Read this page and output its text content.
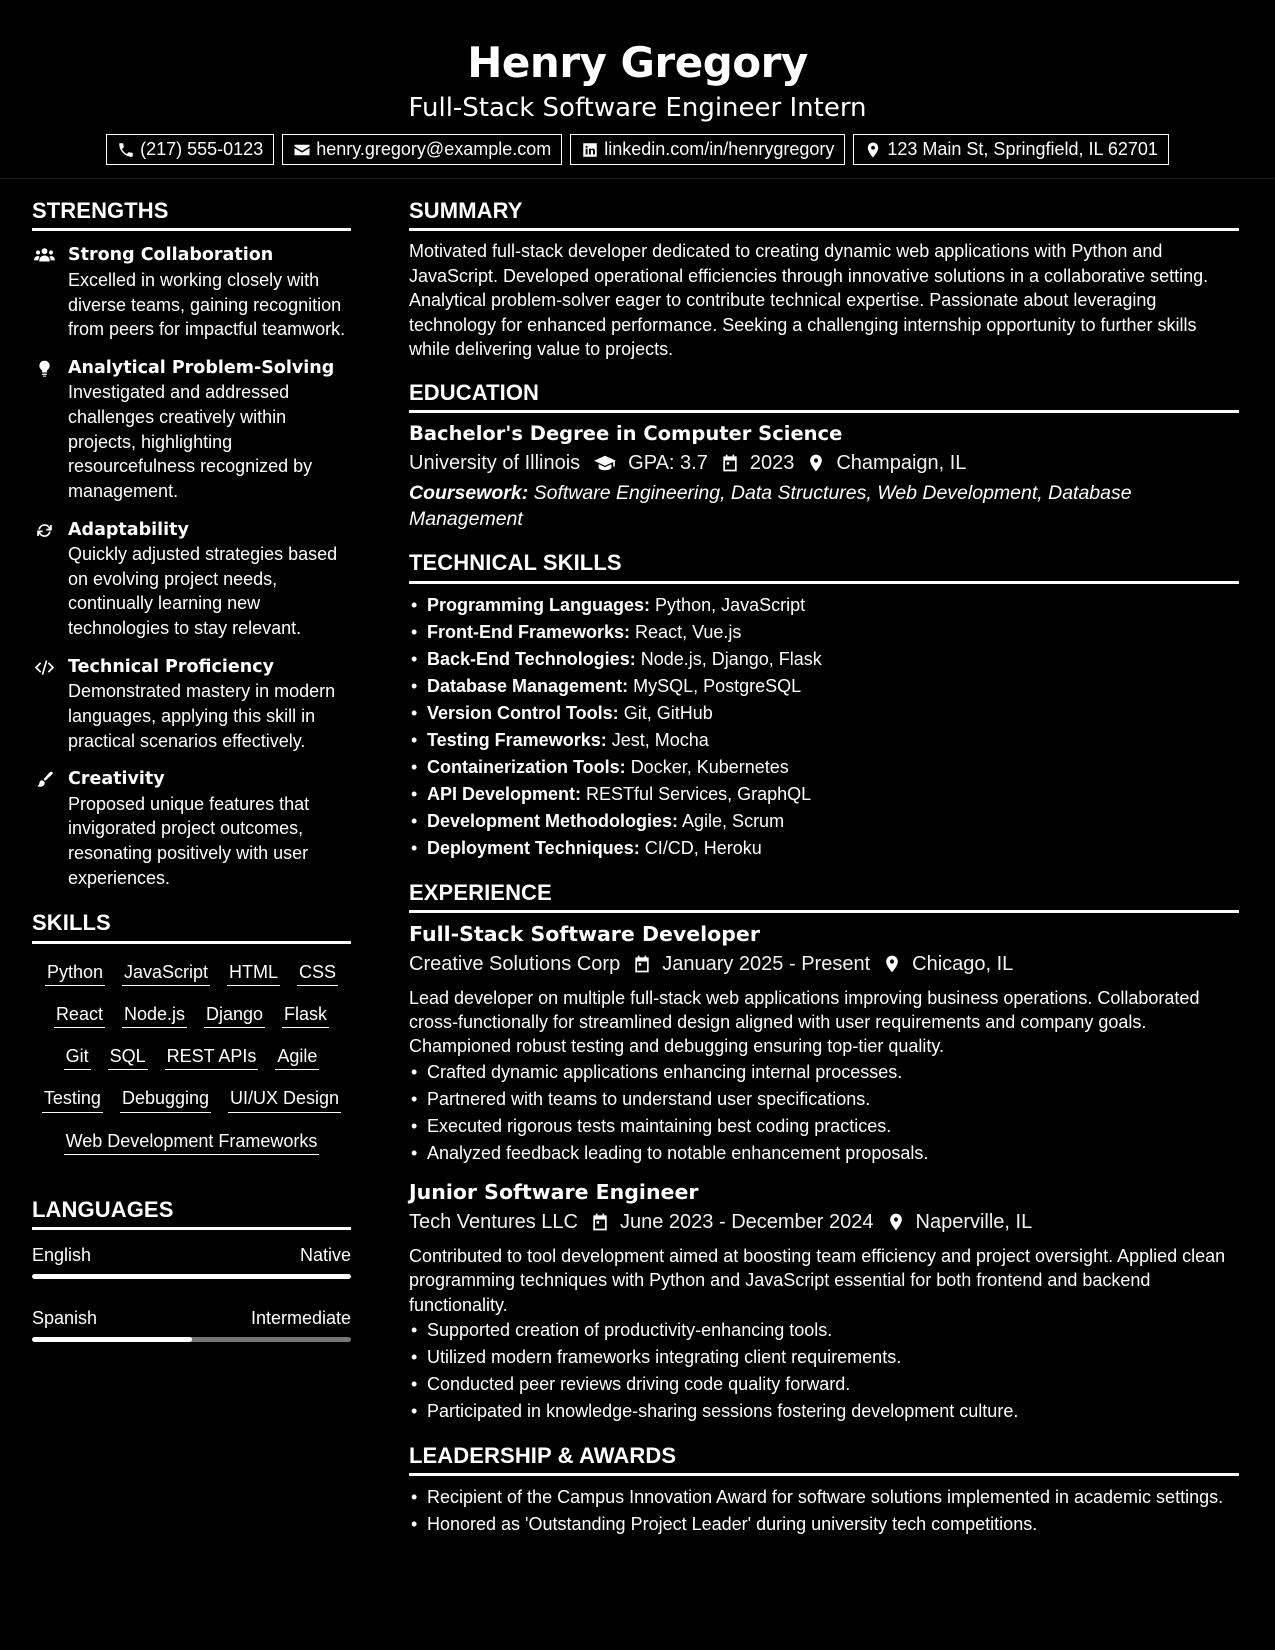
Henry Gregory
Full-Stack Software Engineer Intern
(217) 555-0123	henry.gregory@example.com	linkedin.com/in/henrygregory	123 Main St, Springfield, IL 62701
STRENGTHS
Strong Collaboration
Excelled in working closely with diverse teams, gaining recognition from peers for impactful teamwork.
Analytical Problem-Solving
Investigated and addressed challenges creatively within projects, highlighting resourcefulness recognized by management.
Adaptability
Quickly adjusted strategies based on evolving project needs, continually learning new technologies to stay relevant.
Technical Proficiency
Demonstrated mastery in modern languages, applying this skill in practical scenarios effectively.
Creativity
Proposed unique features that invigorated project outcomes, resonating positively with user experiences.
SKILLS
Python JavaScript HTML CSS
React Node.js Django Flask
Git SQL REST APIs Agile
Testing Debugging UI/UX Design
Web Development Frameworks
LANGUAGES
English	Native
Spanish	Intermediate
SUMMARY

Motivated full-stack developer dedicated to creating dynamic web applications with Python and JavaScript. Developed operational efficiencies through innovative solutions in a collaborative setting. Analytical problem-solver eager to contribute technical expertise. Passionate about leveraging technology for enhanced performance. Seeking a challenging internship opportunity to further skills while delivering value to projects.

EDUCATION
Bachelor's Degree in Computer Science
University of Illinois GPA: 3.7 2023 Champaign, IL
Coursework: Software Engineering, Data Structures, Web Development, Database Management
TECHNICAL SKILLS
• Programming Languages: Python, JavaScript
• Front-End Frameworks: React, Vue.js
• Back-End Technologies: Node.js, Django, Flask
• Database Management: MySQL, PostgreSQL
• Version Control Tools: Git, GitHub
• Testing Frameworks: Jest, Mocha
• Containerization Tools: Docker, Kubernetes
• API Development: RESTful Services, GraphQL
• Development Methodologies: Agile, Scrum
• Deployment Techniques: CI/CD, Heroku
EXPERIENCE
Full-Stack Software Developer
Creative Solutions Corp January 2025 - Present Chicago, IL

Lead developer on multiple full-stack web applications improving business operations. Collaborated cross-functionally for streamlined design aligned with user requirements and company goals. Championed robust testing and debugging ensuring top-tier quality.

• Crafted dynamic applications enhancing internal processes.
• Partnered with teams to understand user specifications.
• Executed rigorous tests maintaining best coding practices.
• Analyzed feedback leading to notable enhancement proposals.
Junior Software Engineer
Tech Ventures LLC June 2023 - December 2024 Naperville, IL

Contributed to tool development aimed at boosting team efficiency and project oversight. Applied clean programming techniques with Python and JavaScript essential for both frontend and backend functionality.

• Supported creation of productivity-enhancing tools.
• Utilized modern frameworks integrating client requirements.
• Conducted peer reviews driving code quality forward.
• Participated in knowledge-sharing sessions fostering development culture.
LEADERSHIP & AWARDS
• Recipient of the Campus Innovation Award for software solutions implemented in academic settings.
• Honored as 'Outstanding Project Leader' during university tech competitions.
